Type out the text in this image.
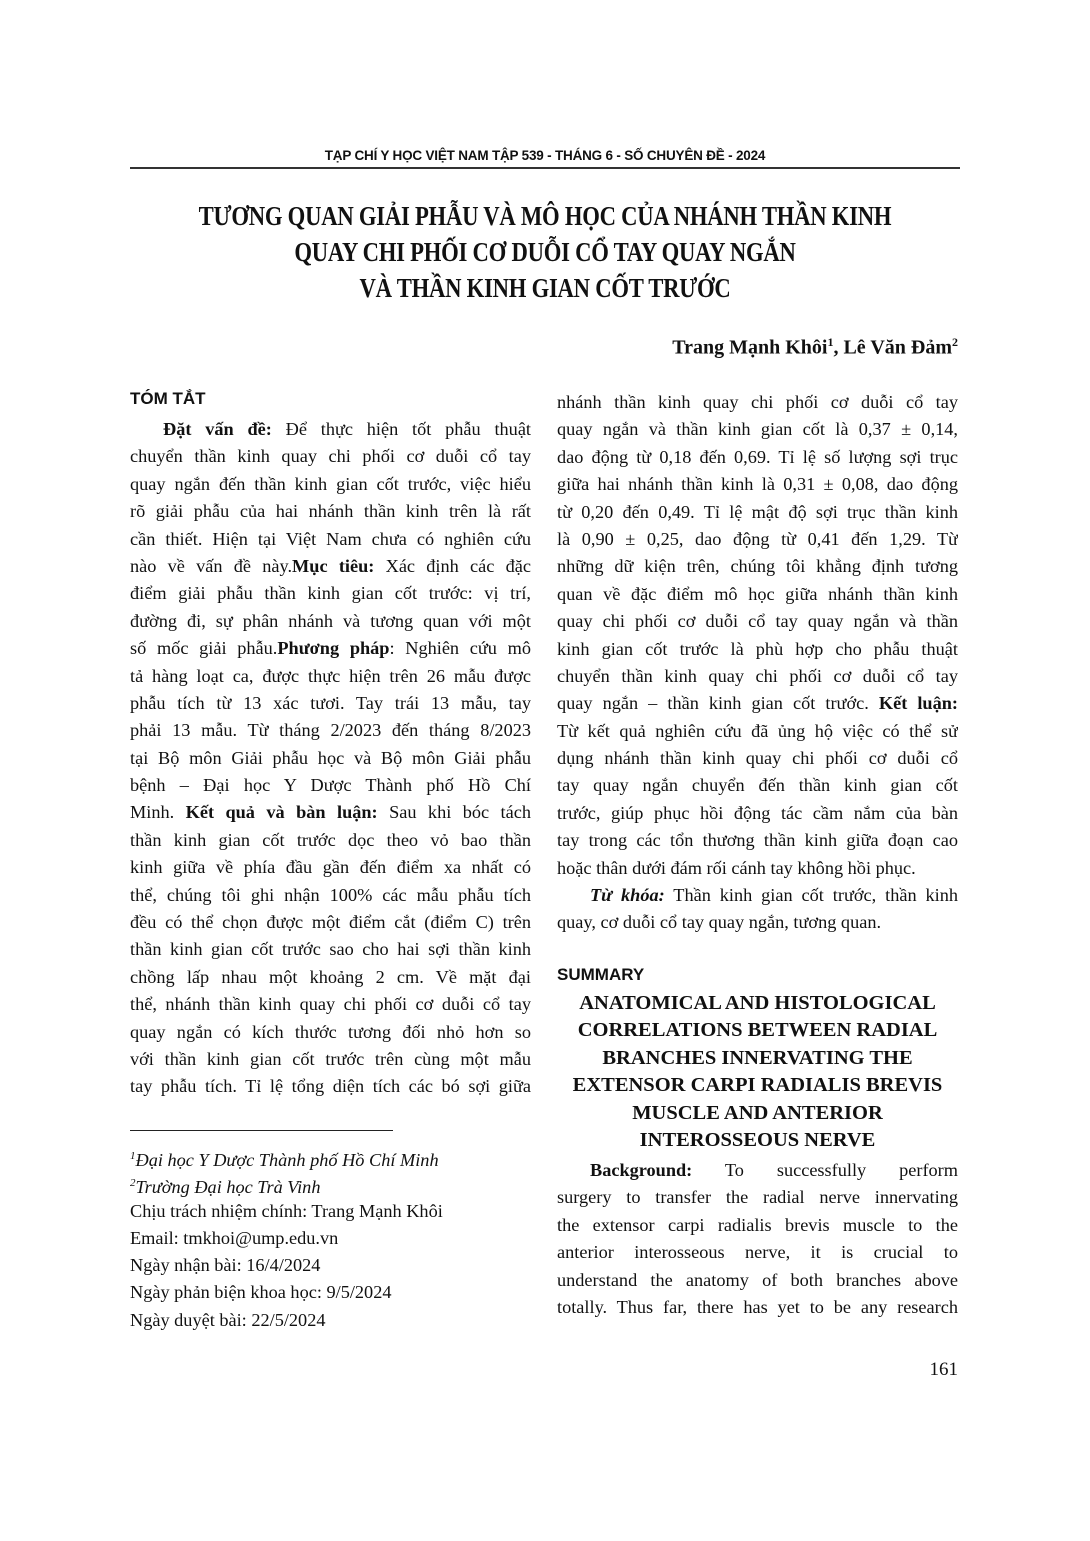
TẠP CHÍ Y HỌC VIỆT NAM TẬP 539 - THÁNG 6 - SỐ CHUYÊN ĐỀ - 2024
TƯƠNG QUAN GIẢI PHẪU VÀ MÔ HỌC CỦA NHÁNH THẦN KINH
QUAY CHI PHỐI CƠ DUỖI CỔ TAY QUAY NGẮN
VÀ THẦN KINH GIAN CỐT TRƯỚC
Trang Mạnh Khôi$^1$, Lê Văn Đảm$^2$
TÓM TẮT
Đặt vấn đề: Để thực hiện tốt phẫu thuật
chuyển thần kinh quay chi phối cơ duỗi cổ tay
quay ngắn đến thần kinh gian cốt trước, việc hiểu
rõ giải phẫu của hai nhánh thần kinh trên là rất
cần thiết. Hiện tại Việt Nam chưa có nghiên cứu
nào về vấn đề này.Mục tiêu: Xác định các đặc
điểm giải phẫu thần kinh gian cốt trước: vị trí,
đường đi, sự phân nhánh và tương quan với một
số mốc giải phẫu.Phương pháp: Nghiên cứu mô
tả hàng loạt ca, được thực hiện trên 26 mẫu được
phẫu tích từ 13 xác tươi. Tay trái 13 mẫu, tay
phải 13 mẫu. Từ tháng 2/2023 đến tháng 8/2023
tại Bộ môn Giải phẫu học và Bộ môn Giải phẫu
bệnh – Đại học Y Dược Thành phố Hồ Chí
Minh. Kết quả và bàn luận: Sau khi bóc tách
thần kinh gian cốt trước dọc theo vỏ bao thần
kinh giữa về phía đầu gần đến điểm xa nhất có
thể, chúng tôi ghi nhận 100% các mẫu phẫu tích
đều có thể chọn được một điểm cắt (điểm C) trên
thần kinh gian cốt trước sao cho hai sợi thần kinh
chồng lấp nhau một khoảng 2 cm. Về mặt đại
thể, nhánh thần kinh quay chi phối cơ duỗi cổ tay
quay ngắn có kích thước tương đối nhỏ hơn so
với thần kinh gian cốt trước trên cùng một mẫu
tay phẫu tích. Tỉ lệ tổng diện tích các bó sợi giữa
nhánh thần kinh quay chi phối cơ duỗi cổ tay
quay ngắn và thần kinh gian cốt là 0,37 ± 0,14,
dao động từ 0,18 đến 0,69. Tỉ lệ số lượng sợi trục
giữa hai nhánh thần kinh là 0,31 ± 0,08, dao động
từ 0,20 đến 0,49. Tỉ lệ mật độ sợi trục thần kinh
là 0,90 ± 0,25, dao động từ 0,41 đến 1,29. Từ
những dữ kiện trên, chúng tôi khẳng định tương
quan về đặc điểm mô học giữa nhánh thần kinh
quay chi phối cơ duỗi cổ tay quay ngắn và thần
kinh gian cốt trước là phù hợp cho phẫu thuật
chuyển thần kinh quay chi phối cơ duỗi cổ tay
quay ngắn – thần kinh gian cốt trước. Kết luận:
Từ kết quả nghiên cứu đã ủng hộ việc có thể sử
dụng nhánh thần kinh quay chi phối cơ duỗi cổ
tay quay ngắn chuyển đến thần kinh gian cốt
trước, giúp phục hồi động tác cầm nắm của bàn
tay trong các tổn thương thần kinh giữa đoạn cao
hoặc thân dưới đám rối cánh tay không hồi phục.
Từ khóa: Thần kinh gian cốt trước, thần kinh
quay, cơ duỗi cổ tay quay ngắn, tương quan.
SUMMARY
ANATOMICAL AND HISTOLOGICAL
CORRELATIONS BETWEEN RADIAL
BRANCHES INNERVATING THE
EXTENSOR CARPI RADIALIS BREVIS
MUSCLE AND ANTERIOR
INTEROSSEOUS NERVE
Background: To successfully perform
surgery to transfer the radial nerve innervating
the extensor carpi radialis brevis muscle to the
anterior interosseous nerve, it is crucial to
understand the anatomy of both branches above
totally. Thus far, there has yet to be any research
$^1$Đại học Y Dược Thành phố Hồ Chí Minh
$^2$Trường Đại học Trà Vinh
Chịu trách nhiệm chính: Trang Mạnh Khôi
Email: tmkhoi@ump.edu.vn
Ngày nhận bài: 16/4/2024
Ngày phản biện khoa học: 9/5/2024
Ngày duyệt bài: 22/5/2024
161
